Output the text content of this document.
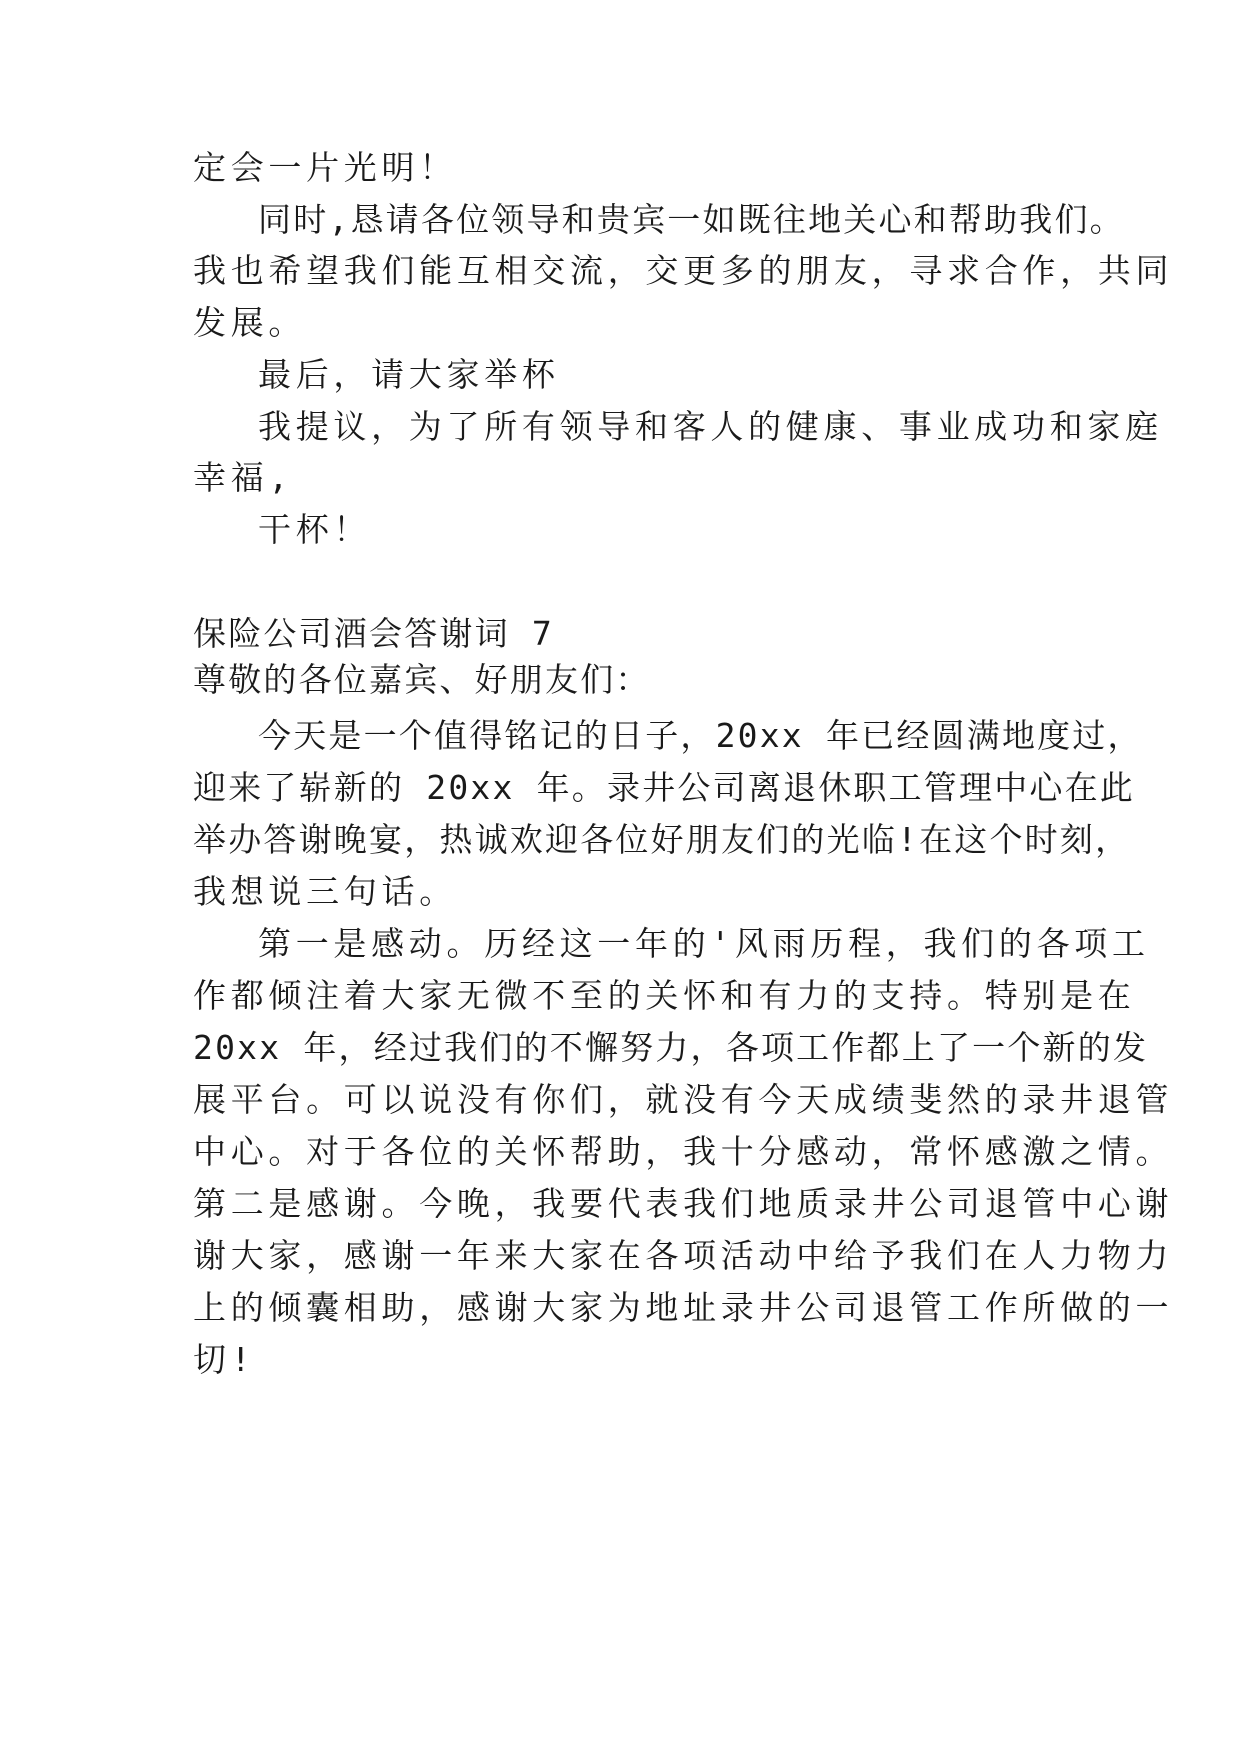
定会一片光明！
同时,恳请各位领导和贵宾一如既往地关心和帮助我们。
我也希望我们能互相交流，交更多的朋友，寻求合作，共同
发展。
最后，请大家举杯
我提议，为了所有领导和客人的健康、事业成功和家庭
幸福,
干杯！
保险公司酒会答谢词 7
尊敬的各位嘉宾、好朋友们：
今天是一个值得铭记的日子，20xx 年已经圆满地度过，
迎来了崭新的 20xx 年。录井公司离退休职工管理中心在此
举办答谢晚宴，热诚欢迎各位好朋友们的光临!在这个时刻，
我想说三句话。
第一是感动。历经这一年的'风雨历程，我们的各项工
作都倾注着大家无微不至的关怀和有力的支持。特别是在
20xx 年，经过我们的不懈努力，各项工作都上了一个新的发
展平台。可以说没有你们，就没有今天成绩斐然的录井退管
中心。对于各位的关怀帮助，我十分感动，常怀感激之情。
第二是感谢。今晚，我要代表我们地质录井公司退管中心谢
谢大家，感谢一年来大家在各项活动中给予我们在人力物力
上的倾囊相助，感谢大家为地址录井公司退管工作所做的一
切!
